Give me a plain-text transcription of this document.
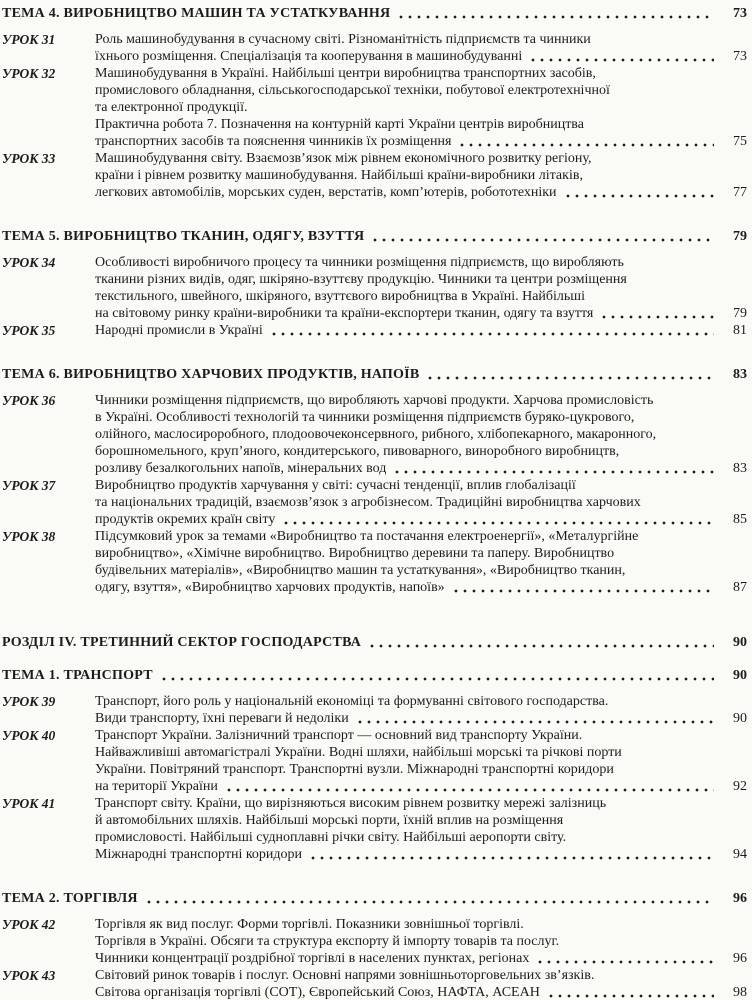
ТЕМА 4. ВИРОБНИЦТВО МАШИН ТА УСТАТКУВАННЯ	73
УРОК 31	Роль машинобудування в сучасному світі. Різноманітність підприємств та чинники
їхнього розміщення. Спеціалізація та кооперування в машинобудуванні	73
УРОК 32	Машинобудування в Україні. Найбільші центри виробництва транспортних засобів,
промислового обладнання, сільськогосподарської техніки, побутової електротехнічної
та електронної продукції.
Практична робота 7. Позначення на контурній карті України центрів виробництва
транспортних засобів та пояснення чинників їх розміщення	75
УРОК 33	Машинобудування світу. Взаємозв’язок між рівнем економічного розвитку регіону,
країни і рівнем розвитку машинобудування. Найбільші країни-виробники літаків,
легкових автомобілів, морських суден, верстатів, комп’ютерів, робототехніки	77
ТЕМА 5. ВИРОБНИЦТВО ТКАНИН, ОДЯГУ, ВЗУТТЯ	79
УРОК 34	Особливості виробничого процесу та чинники розміщення підприємств, що виробляють
тканини різних видів, одяг, шкіряно-взуттєву продукцію. Чинники та центри розміщення
текстильного, швейного, шкіряного, взуттєвого виробництва в Україні. Найбільші
на світовому ринку країни-виробники та країни-експортери тканин, одягу та взуття	79
УРОК 35	Народні промисли в Україні	81
ТЕМА 6. ВИРОБНИЦТВО ХАРЧОВИХ ПРОДУКТІВ, НАПОЇВ	83
УРОК 36	Чинники розміщення підприємств, що виробляють харчові продукти. Харчова промисловість
в Україні. Особливості технологій та чинники розміщення підприємств буряко-цукрового,
олійного, маслосироробного, плодоовочеконсервного, рибного, хлібопекарного, макаронного,
борошномельного, круп’яного, кондитерського, пивоварного, виноробного виробництв,
розливу безалкогольних напоїв, мінеральних вод	83
УРОК 37	Виробництво продуктів харчування у світі: сучасні тенденції, вплив глобалізації
та національних традицій, взаємозв’язок з агробізнесом. Традиційні виробництва харчових
продуктів окремих країн світу	85
УРОК 38	Підсумковий урок за темами «Виробництво та постачання електроенергії», «Металургійне
виробництво», «Хімічне виробництво. Виробництво деревини та паперу. Виробництво
будівельних матеріалів», «Виробництво машин та устаткування», «Виробництво тканин,
одягу, взуття», «Виробництво харчових продуктів, напоїв»	87
РОЗДІЛ IV. ТРЕТИННИЙ СЕКТОР ГОСПОДАРСТВА	90
ТЕМА 1. ТРАНСПОРТ	90
УРОК 39	Транспорт, його роль у національній економіці та формуванні світового господарства.
Види транспорту, їхні переваги й недоліки	90
УРОК 40	Транспорт України. Залізничний транспорт — основний вид транспорту України.
Найважливіші автомагістралі України. Водні шляхи, найбільші морські та річкові порти
України. Повітряний транспорт. Транспортні вузли. Міжнародні транспортні коридори
на території України	92
УРОК 41	Транспорт світу. Країни, що вирізняються високим рівнем розвитку мережі залізниць
й автомобільних шляхів. Найбільші морські порти, їхній вплив на розміщення
промисловості. Найбільші судноплавні річки світу. Найбільші аеропорти світу.
Міжнародні транспортні коридори	94
ТЕМА 2. ТОРГІВЛЯ	96
УРОК 42	Торгівля як вид послуг. Форми торгівлі. Показники зовнішньої торгівлі.
Торгівля в Україні. Обсяги та структура експорту й імпорту товарів та послуг.
Чинники концентрації роздрібної торгівлі в населених пунктах, регіонах	96
УРОК 43	Світовий ринок товарів і послуг. Основні напрями зовнішньоторговельних зв’язків.
Світова організація торгівлі (СОТ), Європейський Союз, НАФТА, АСЕАН	98
